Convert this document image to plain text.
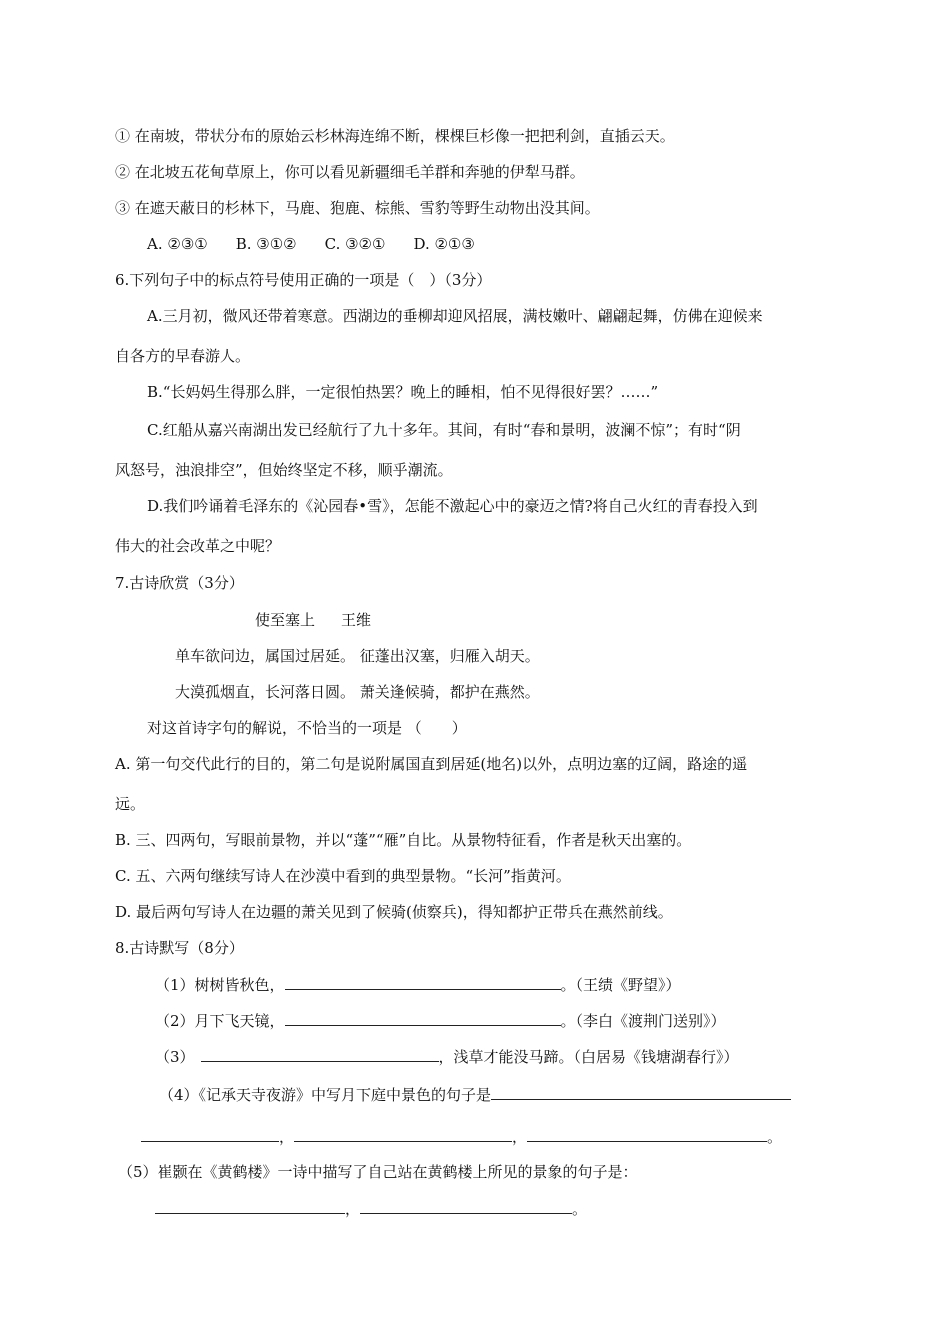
① 在南坡，带状分布的原始云杉林海连绵不断，棵棵巨杉像一把把利剑，直插云天。
② 在北坡五花甸草原上，你可以看见新疆细毛羊群和奔驰的伊犁马群。
③ 在遮天蔽日的杉林下，马鹿、狍鹿、棕熊、雪豹等野生动物出没其间。
A. ②③① B. ③①② C. ③②① D. ②①③
6.下列句子中的标点符号使用正确的一项是（　）（3分）
A.三月初，微风还带着寒意。西湖边的垂柳却迎风招展，满枝嫩叶、翩翩起舞，仿佛在迎候来
自各方的早春游人。
B.“长妈妈生得那么胖，一定很怕热罢？晚上的睡相，怕不见得很好罢？……”
C.红船从嘉兴南湖出发已经航行了九十多年。其间，有时“春和景明，波澜不惊”；有时“阴
风怒号，浊浪排空”，但始终坚定不移，顺乎潮流。
D.我们吟诵着毛泽东的《沁园春•雪》，怎能不激起心中的豪迈之情?将自己火红的青春投入到
伟大的社会改革之中呢？
7.古诗欣赏（3分）
使至塞上 王维
单车欲问边，属国过居延。 征蓬出汉塞，归雁入胡天。
大漠孤烟直，长河落日圆。 萧关逢候骑，都护在燕然。
对这首诗字句的解说，不恰当的一项是 （　　）
A. 第一句交代此行的目的，第二句是说附属国直到居延(地名)以外，点明边塞的辽阔，路途的遥
远。
B. 三、四两句，写眼前景物，并以“蓬”“雁”自比。从景物特征看，作者是秋天出塞的。
C. 五、六两句继续写诗人在沙漠中看到的典型景物。“长河”指黄河。
D. 最后两句写诗人在边疆的萧关见到了候骑(侦察兵)，得知都护正带兵在燕然前线。
8.古诗默写（8分）
（1）树树皆秋色，	。（王绩《野望》）
（2）月下飞天镜，	。（李白《渡荆门送别》）
（3）	，浅草才能没马蹄。（白居易《钱塘湖春行》）
（4）《记承天寺夜游》中写月下庭中景色的句子是
，	，	。
（5）崔颢在《黄鹤楼》一诗中描写了自己站在黄鹤楼上所见的景象的句子是：
，	。
